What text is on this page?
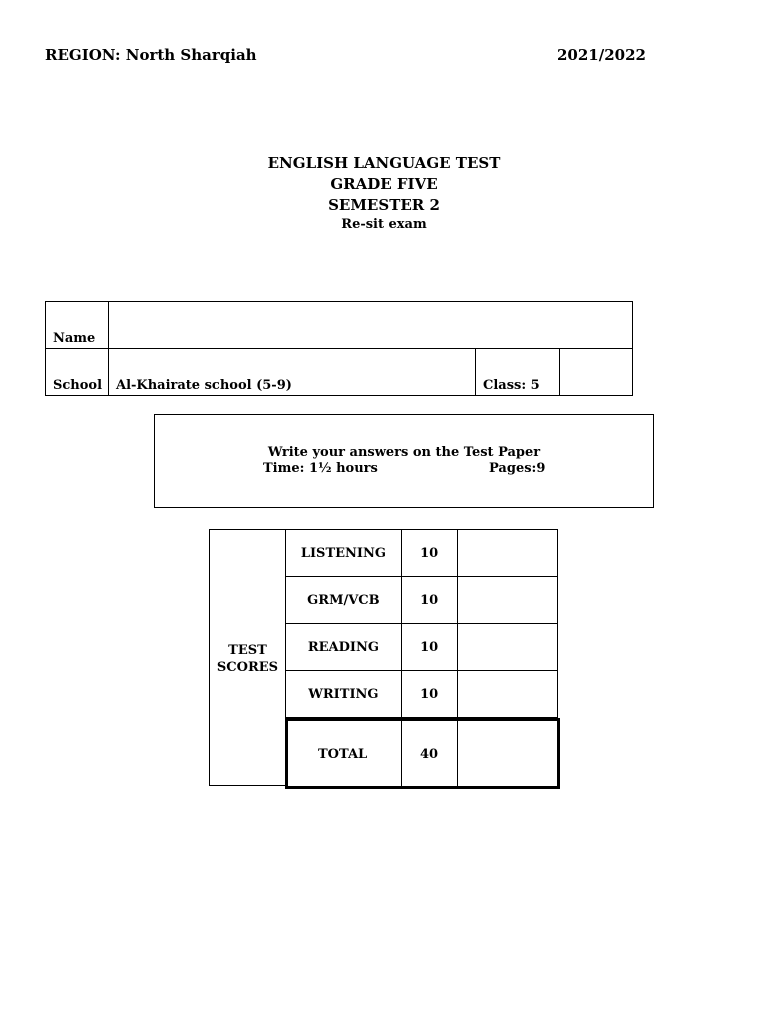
REGION: North Sharqiah	2021/2022
ENGLISH LANGUAGE TEST
GRADE FIVE
SEMESTER 2
Re-sit exam
Name			
School	Al-Khairate school (5-9)	Class: 5	
Write your answers on the Test Paper
Time: 1½ hours	Pages:9
TEST
SCORES
LISTENING	10	
GRM/VCB	10	
READING	10	
WRITING	10	
TOTAL	40
